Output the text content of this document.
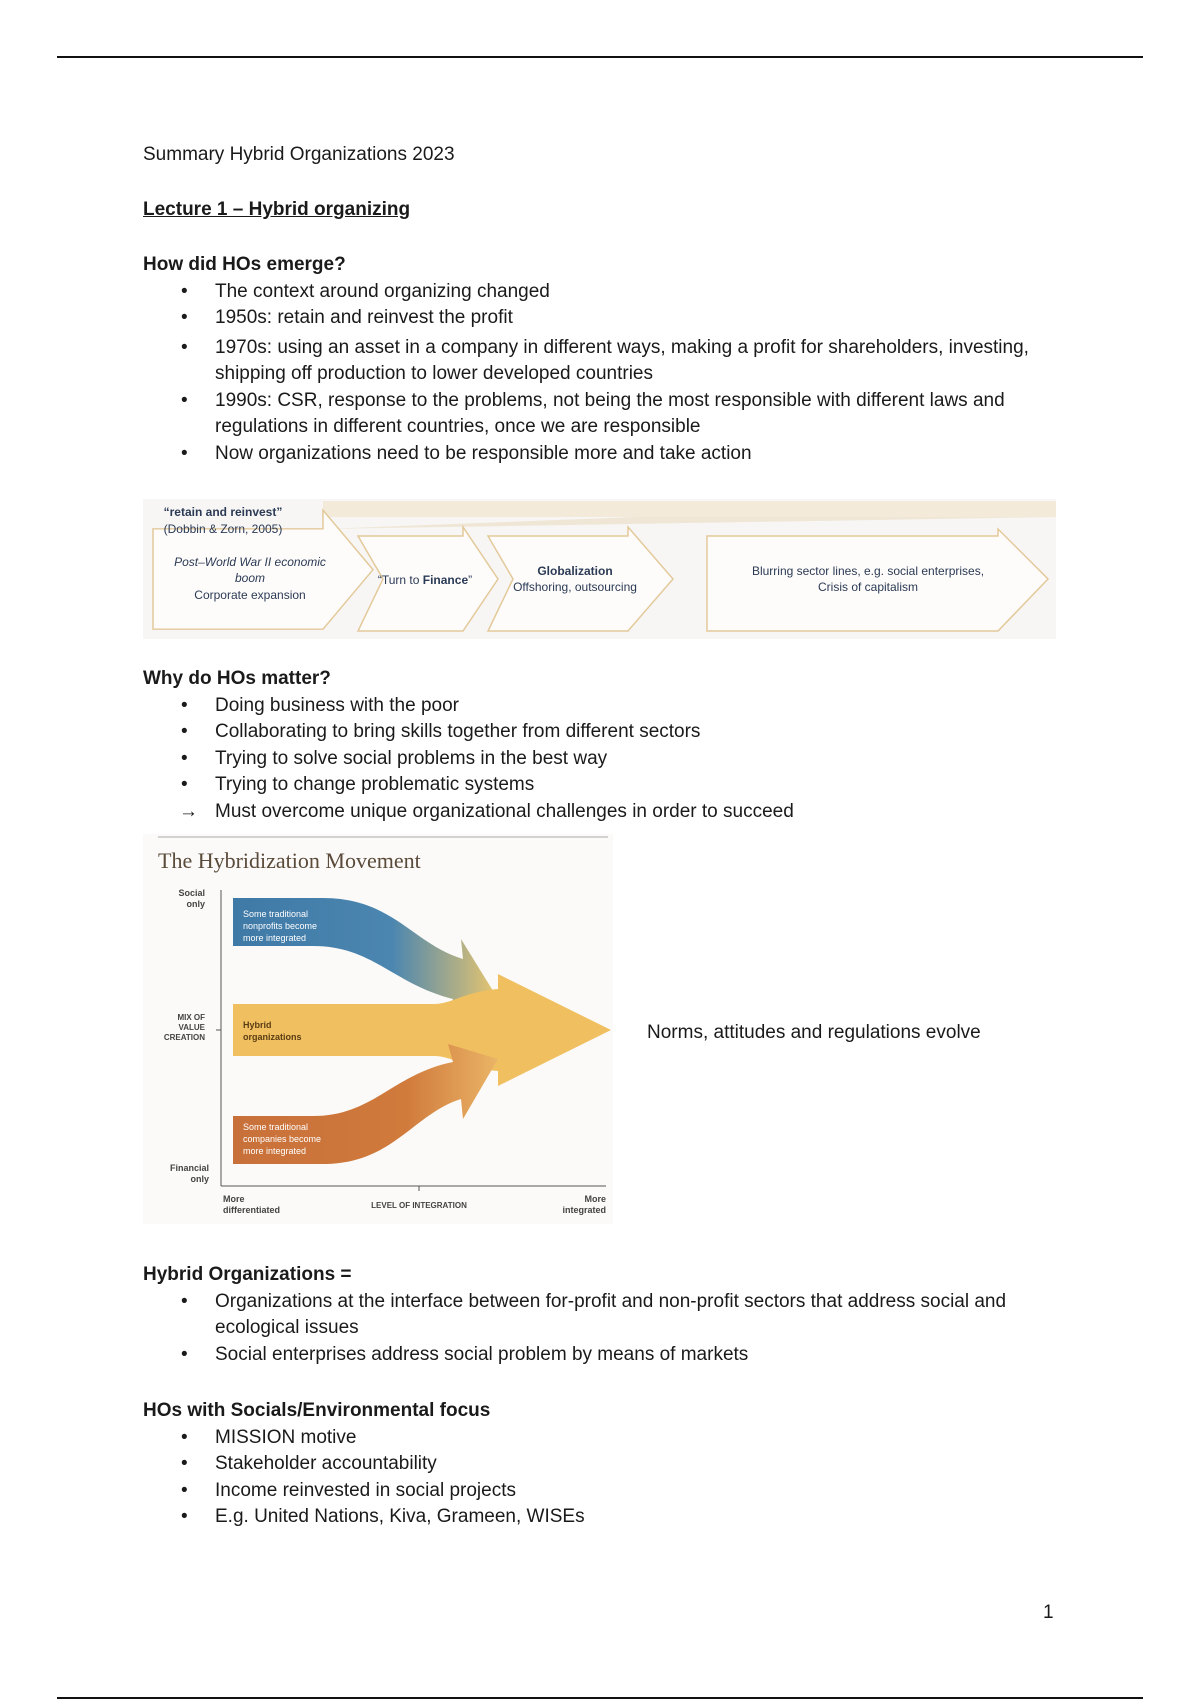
Summary Hybrid Organizations 2023
Lecture 1 – Hybrid organizing
How did HOs emerge?
• The context around organizing changed
• 1950s: retain and reinvest the profit
• 1970s: using an asset in a company in different ways, making a profit for shareholders, investing, shipping off production to lower developed countries
• 1990s: CSR, response to the problems, not being the most responsible with different laws and regulations in different countries, once we are responsible
• Now organizations need to be responsible more and take action
“retain and reinvest”
(Dobbin & Zorn, 2005)
Post–World War II economic
boom
Corporate expansion
“Turn to Finance”
Globalization
Offshoring, outsourcing
Blurring sector lines, e.g. social enterprises,
Crisis of capitalism
Why do HOs matter?
• Doing business with the poor
• Collaborating to bring skills together from different sectors
• Trying to solve social problems in the best way
• Trying to change problematic systems
→ Must overcome unique organizational challenges in order to succeed
The Hybridization Movement
Some traditional
nonprofits become
more integrated
Hybrid
organizations
Some traditional
companies become
more integrated
Social
only
MIX OF
VALUE
CREATION
Financial
only
More
differentiated	LEVEL OF INTEGRATION
More
integrated
Norms, attitudes and regulations evolve
Hybrid Organizations =
• Organizations at the interface between for-profit and non-profit sectors that address social and ecological issues
• Social enterprises address social problem by means of markets
HOs with Socials/Environmental focus
• MISSION motive
• Stakeholder accountability
• Income reinvested in social projects
• E.g. United Nations, Kiva, Grameen, WISEs
1
